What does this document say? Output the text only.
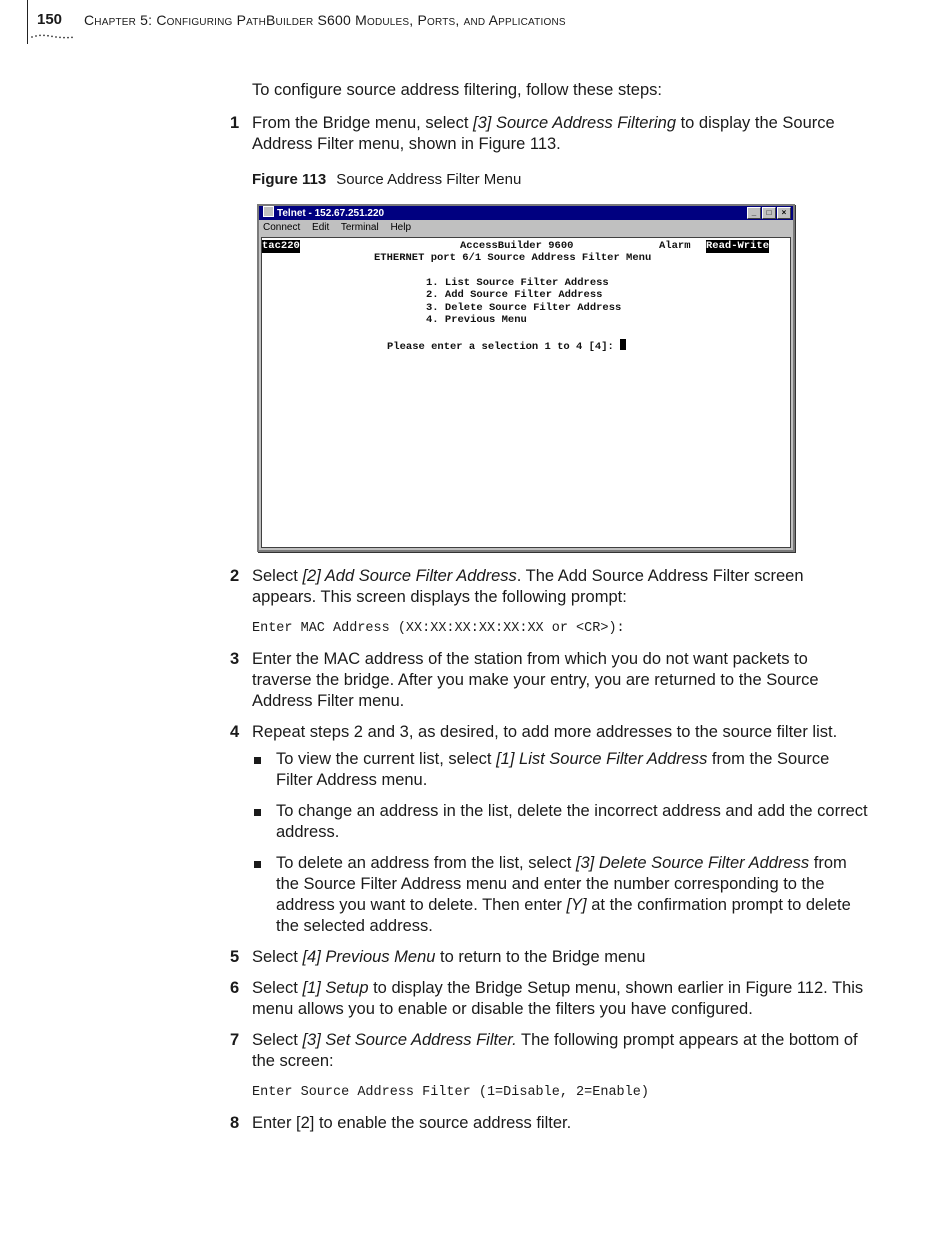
150 Chapter 5: Configuring PathBuilder S600 Modules, Ports, and Applications

To configure source address filtering, follow these steps:

1 From the Bridge menu, select [3] Source Address Filtering to display the Source Address Filter menu, shown in Figure 113.
Figure 113 Source Address Filter Menu
Telnet - 152.67.251.220	_	□	×
Connect Edit Terminal Help

tac220

	AccessBuilder 9600

	Alarm

Read-Write

ETHERNET port 6/1 Source Address Filter Menu

1. List Source Filter Address

2. Add Source Filter Address

3. Delete Source Filter Address

4. Previous Menu

Please enter a selection 1 to 4 [4]:

2 Select [2] Add Source Filter Address. The Add Source Address Filter screen appears. This screen displays the following prompt:
Enter MAC Address (XX:XX:XX:XX:XX:XX or <CR>):
3 Enter the MAC address of the station from which you do not want packets to traverse the bridge. After you make your entry, you are returned to the Source Address Filter menu.
4 Repeat steps 2 and 3, as desired, to add more addresses to the source filter list.
To view the current list, select [1] List Source Filter Address from the Source Filter Address menu.
To change an address in the list, delete the incorrect address and add the correct address.
To delete an address from the list, select [3] Delete Source Filter Address from the Source Filter Address menu and enter the number corresponding to the address you want to delete. Then enter [Y] at the confirmation prompt to delete the selected address.
5 Select [4] Previous Menu to return to the Bridge menu
6 Select [1] Setup to display the Bridge Setup menu, shown earlier in Figure 112. This menu allows you to enable or disable the filters you have configured.
7 Select [3] Set Source Address Filter. The following prompt appears at the bottom of the screen:
Enter Source Address Filter (1=Disable, 2=Enable)
8 Enter [2] to enable the source address filter.
